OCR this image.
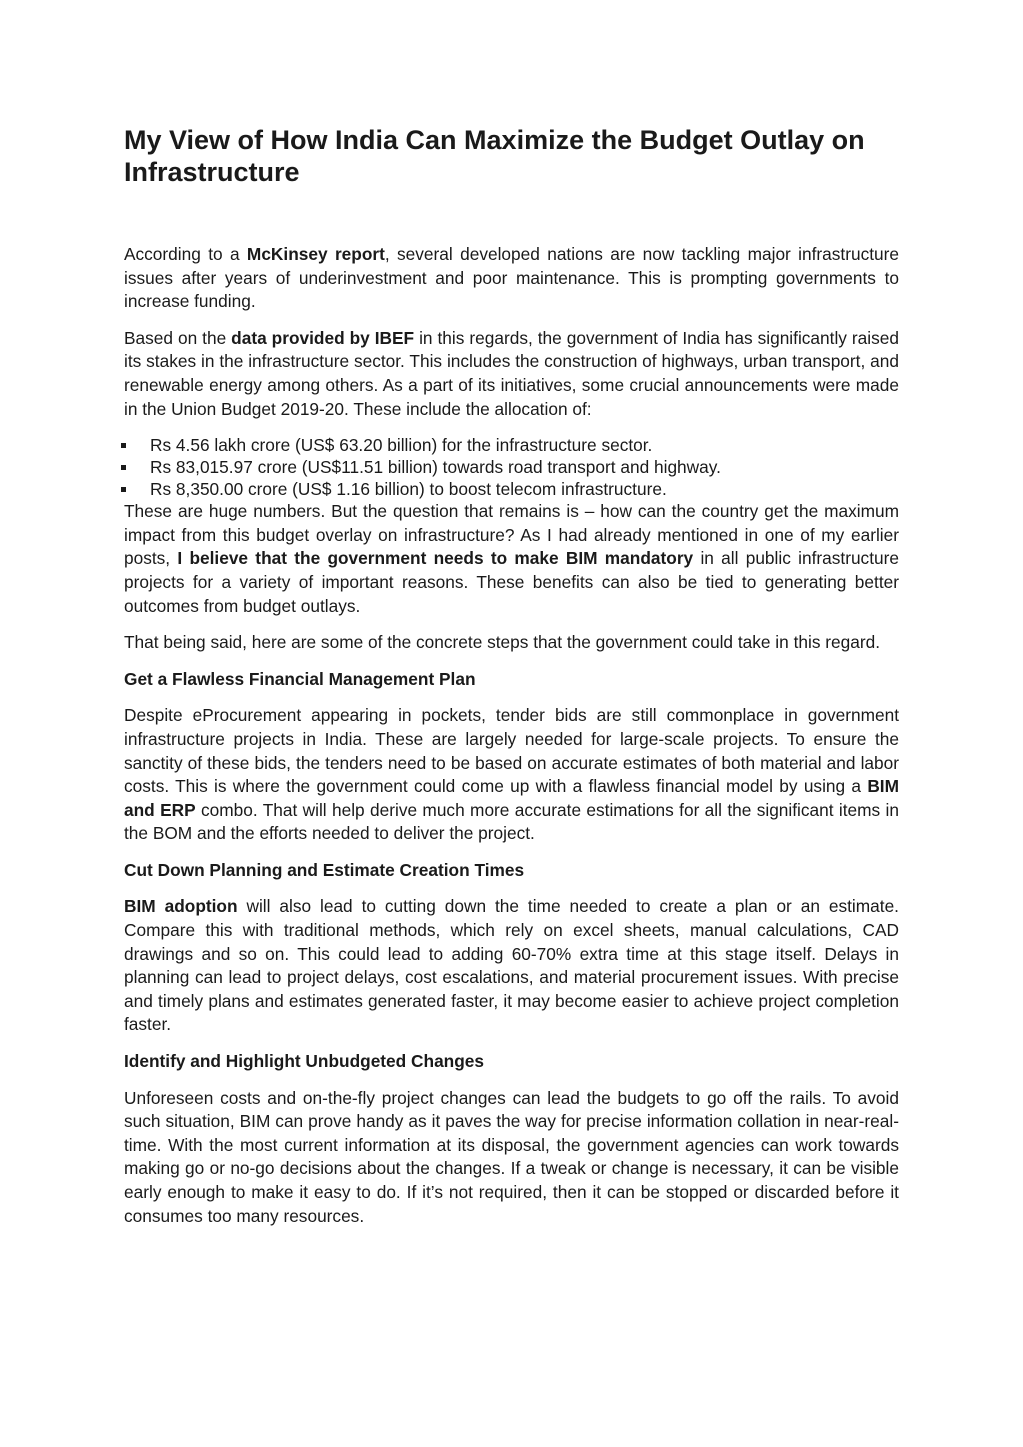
My View of How India Can Maximize the Budget Outlay on Infrastructure

According to a McKinsey report, several developed nations are now tackling major infrastructure issues after years of underinvestment and poor maintenance. This is prompting governments to increase funding.

Based on the data provided by IBEF in this regards, the government of India has significantly raised its stakes in the infrastructure sector. This includes the construction of highways, urban transport, and renewable energy among others. As a part of its initiatives, some crucial announcements were made in the Union Budget 2019-20. These include the allocation of:

Rs 4.56 lakh crore (US$ 63.20 billion) for the infrastructure sector.
Rs 83,015.97 crore (US$11.51 billion) towards road transport and highway.
Rs 8,350.00 crore (US$ 1.16 billion) to boost telecom infrastructure.

These are huge numbers. But the question that remains is – how can the country get the maximum impact from this budget overlay on infrastructure? As I had already mentioned in one of my earlier posts, I believe that the government needs to make BIM mandatory in all public infrastructure projects for a variety of important reasons. These benefits can also be tied to generating better outcomes from budget outlays.

That being said, here are some of the concrete steps that the government could take in this regard.

Get a Flawless Financial Management Plan

Despite eProcurement appearing in pockets, tender bids are still commonplace in government infrastructure projects in India. These are largely needed for large-scale projects. To ensure the sanctity of these bids, the tenders need to be based on accurate estimates of both material and labor costs. This is where the government could come up with a flawless financial model by using a BIM and ERP combo. That will help derive much more accurate estimations for all the significant items in the BOM and the efforts needed to deliver the project.

Cut Down Planning and Estimate Creation Times

BIM adoption will also lead to cutting down the time needed to create a plan or an estimate. Compare this with traditional methods, which rely on excel sheets, manual calculations, CAD drawings and so on. This could lead to adding 60-70% extra time at this stage itself. Delays in planning can lead to project delays, cost escalations, and material procurement issues. With precise and timely plans and estimates generated faster, it may become easier to achieve project completion faster.

Identify and Highlight Unbudgeted Changes

Unforeseen costs and on-the-fly project changes can lead the budgets to go off the rails. To avoid such situation, BIM can prove handy as it paves the way for precise information collation in near-real-time. With the most current information at its disposal, the government agencies can work towards making go or no-go decisions about the changes. If a tweak or change is necessary, it can be visible early enough to make it easy to do. If it’s not required, then it can be stopped or discarded before it consumes too many resources.
